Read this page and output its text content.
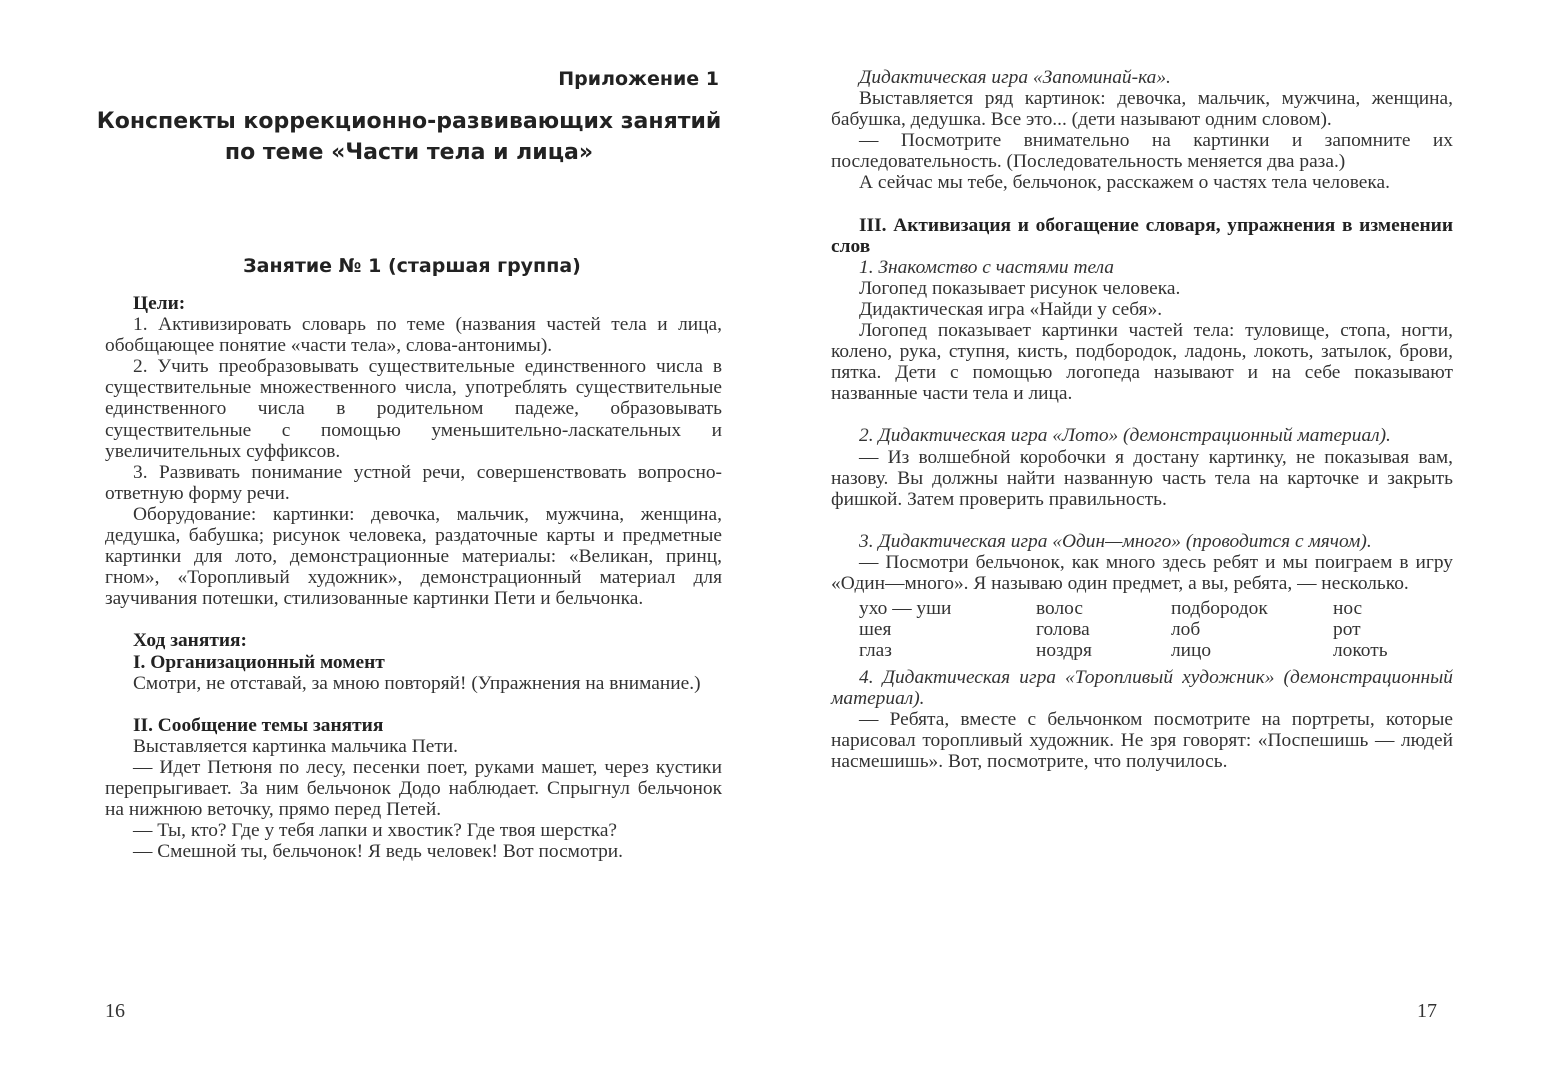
Приложение 1
Конспекты коррекционно-развивающих занятий
по теме «Части тела и лица»
Занятие № 1 (старшая группа)

Цели:

1. Активизировать словарь по теме (названия частей тела и лица, обобщающее понятие «части тела», слова-антонимы).

2. Учить преобразовывать существительные единственного числа в существительные множественного числа, употреблять существительные единственного числа в родительном падеже, образовывать существительные с помощью уменьшительно-ласкательных и увеличительных суффиксов.

3. Развивать понимание устной речи, совершенствовать вопросно-ответную форму речи.

Оборудование: картинки: девочка, мальчик, мужчина, женщина, дедушка, бабушка; рисунок человека, раздаточные карты и предметные картинки для лото, демонстрационные материалы: «Великан, принц, гном», «Торопливый художник», демонстрационный материал для заучивания потешки, стилизованные картинки Пети и бельчонка.

Ход занятия:

I. Организационный момент

Смотри, не отставай, за мною повторяй! (Упражнения на внимание.)

II. Сообщение темы занятия

Выставляется картинка мальчика Пети.

— Идет Петюня по лесу, песенки поет, руками машет, через кустики перепрыгивает. За ним бельчонок Додо наблюдает. Спрыгнул бельчонок на нижнюю веточку, прямо перед Петей.

— Ты, кто? Где у тебя лапки и хвостик? Где твоя шерстка?

— Смешной ты, бельчонок! Я ведь человек! Вот посмотри.

16

Дидактическая игра «Запоминай-ка».

Выставляется ряд картинок: девочка, мальчик, мужчина, женщина, бабушка, дедушка. Все это... (дети называют одним словом).

— Посмотрите внимательно на картинки и запомните их последовательность. (Последовательность меняется два раза.)

А сейчас мы тебе, бельчонок, расскажем о частях тела человека.

III. Активизация и обогащение словаря, упражнения в изменении слов

1. Знакомство с частями тела

Логопед показывает рисунок человека.

Дидактическая игра «Найди у себя».

Логопед показывает картинки частей тела: туловище, стопа, ногти, колено, рука, ступня, кисть, подбородок, ладонь, локоть, затылок, брови, пятка. Дети с помощью логопеда называют и на себе показывают названные части тела и лица.

2. Дидактическая игра «Лото» (демонстрационный материал).

— Из волшебной коробочки я достану картинку, не показывая вам, назову. Вы должны найти названную часть тела на карточке и закрыть фишкой. Затем проверить правильность.

3. Дидактическая игра «Один—много» (проводится с мячом).

— Посмотри бельчонок, как много здесь ребят и мы поиграем в игру «Один—много». Я называю один предмет, а вы, ребята, — несколько.

ухо — уши	волос	подбородок	нос
шея	голова	лоб	рот
глаз	ноздря	лицо	локоть

4. Дидактическая игра «Торопливый художник» (демонстрационный материал).

— Ребята, вместе с бельчонком посмотрите на портреты, которые нарисовал торопливый художник. Не зря говорят: «Поспешишь — людей насмешишь». Вот, посмотрите, что получилось.

17
